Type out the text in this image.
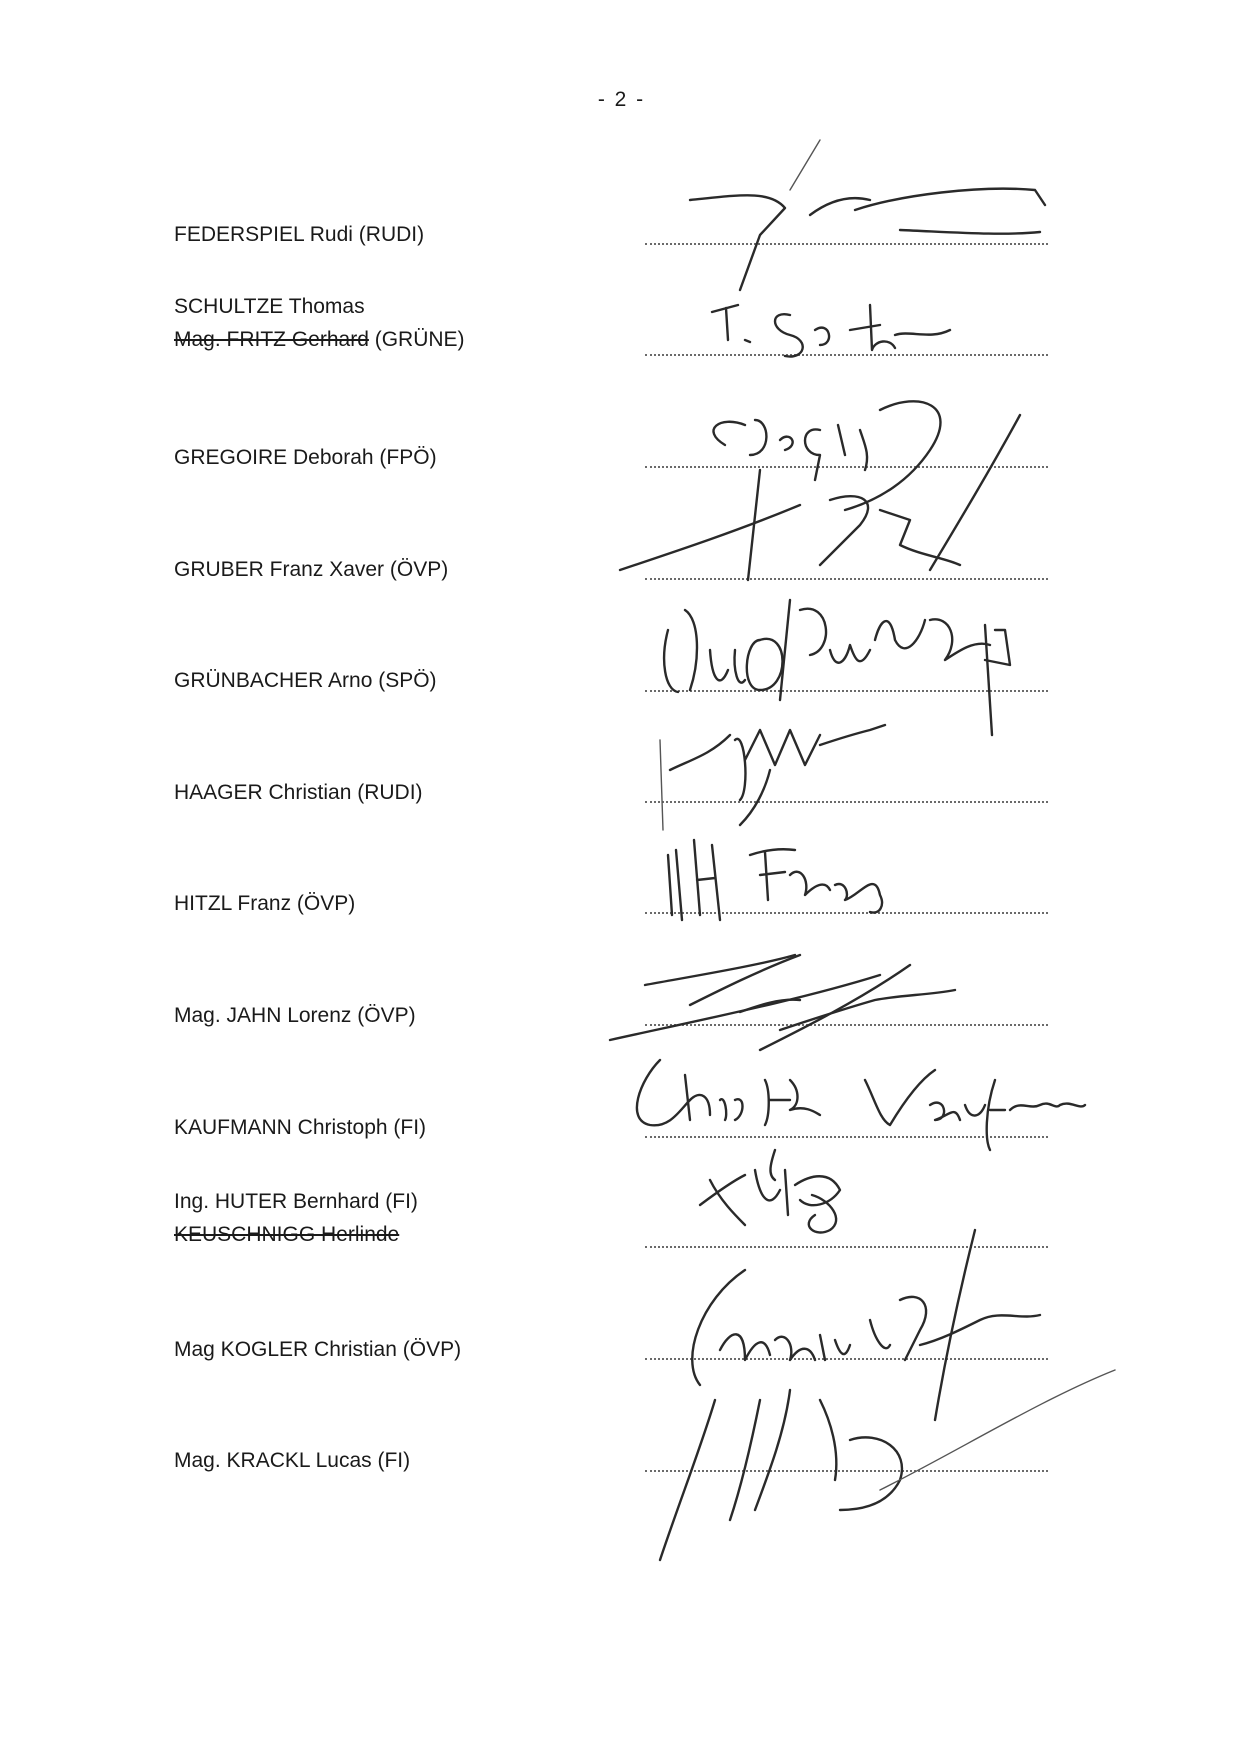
- 2 -
FEDERSPIEL Rudi (RUDI)
SCHULTZE Thomas
Mag. FRITZ Gerhard (GRÜNE)
GREGOIRE Deborah (FPÖ)
GRUBER Franz Xaver (ÖVP)
GRÜNBACHER Arno (SPÖ)
HAAGER Christian (RUDI)
HITZL Franz (ÖVP)
Mag. JAHN Lorenz (ÖVP)
KAUFMANN Christoph (FI)
Ing. HUTER Bernhard (FI)
KEUSCHNIGG Herlinde
Mag KOGLER Christian (ÖVP)
Mag. KRACKL Lucas (FI)
